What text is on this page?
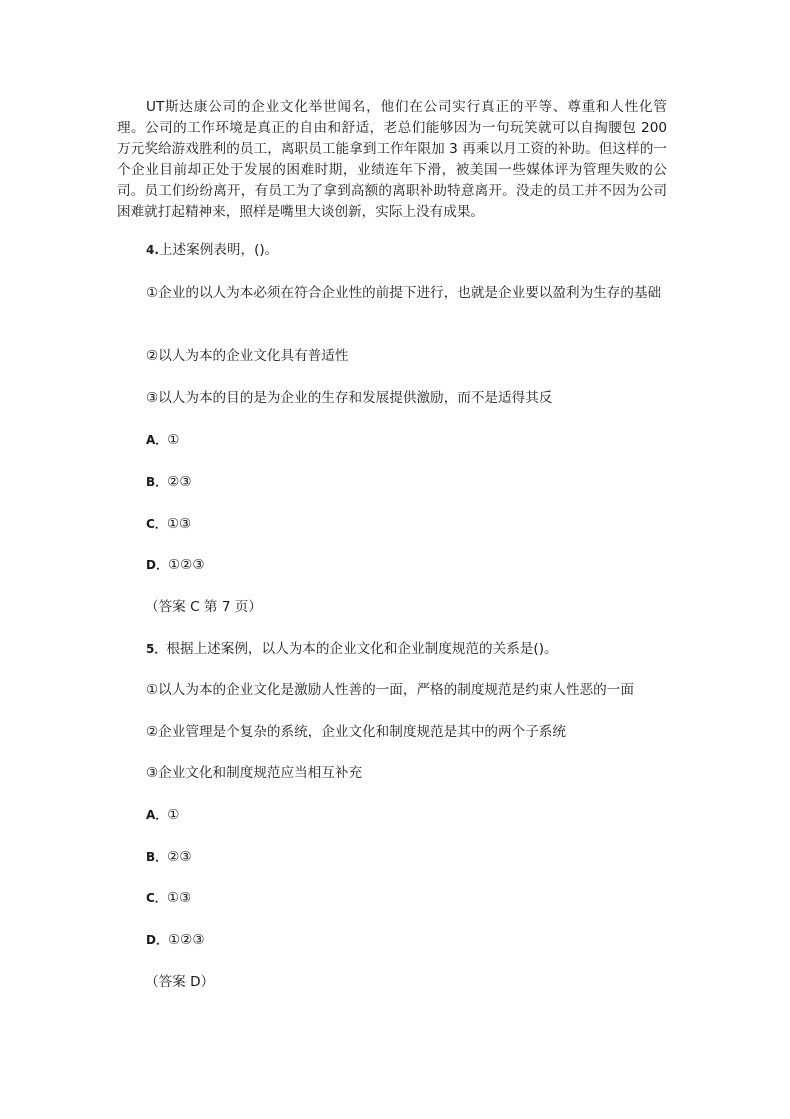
UT斯达康公司的企业文化举世闻名，他们在公司实行真正的平等、尊重和人性化管理。公司的工作环境是真正的自由和舒适，老总们能够因为一句玩笑就可以自掏腰包 200 万元奖给游戏胜利的员工，离职员工能拿到工作年限加 3 再乘以月工资的补助。但这样的一个企业目前却正处于发展的困难时期，业绩连年下滑，被美国一些媒体评为管理失败的公司。员工们纷纷离开，有员工为了拿到高额的离职补助特意离开。没走的员工并不因为公司困难就打起精神来，照样是嘴里大谈创新，实际上没有成果。

4.上述案例表明，()。

①企业的以人为本必须在符合企业性的前提下进行，也就是企业要以盈利为生存的基础

②以人为本的企业文化具有普适性

③以人为本的目的是为企业的生存和发展提供激励，而不是适得其反

A．①

B．②③

C．①③

D．①②③

（答案 C 第 7 页）

5．根据上述案例，以人为本的企业文化和企业制度规范的关系是()。

①以人为本的企业文化是激励人性善的一面，严格的制度规范是约束人性恶的一面

②企业管理是个复杂的系统，企业文化和制度规范是其中的两个子系统

③企业文化和制度规范应当相互补充

A．①

B．②③

C．①③

D．①②③

（答案 D）
